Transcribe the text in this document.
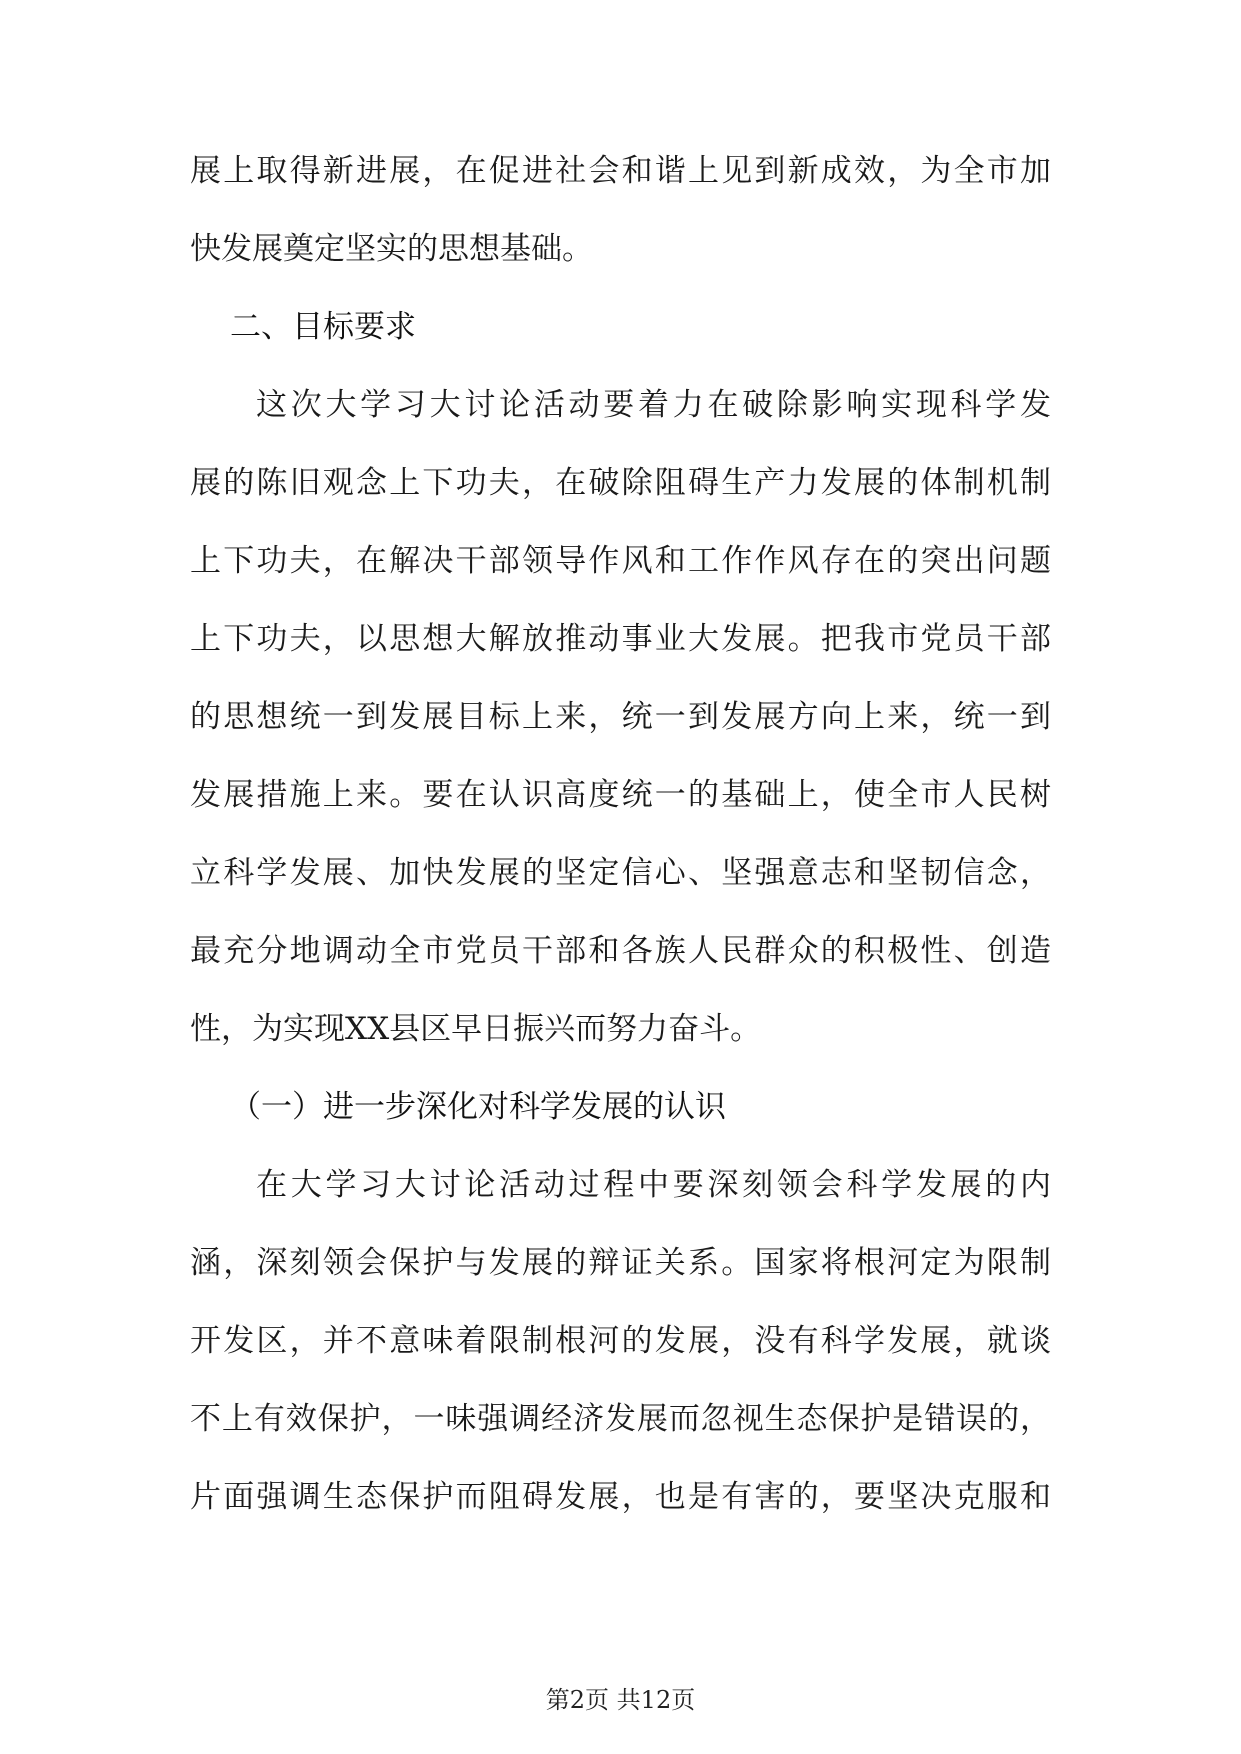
展上取得新进展，在促进社会和谐上见到新成效，为全市加
快发展奠定坚实的思想基础。
二、目标要求
这次大学习大讨论活动要着力在破除影响实现科学发
展的陈旧观念上下功夫，在破除阻碍生产力发展的体制机制
上下功夫，在解决干部领导作风和工作作风存在的突出问题
上下功夫，以思想大解放推动事业大发展。把我市党员干部
的思想统一到发展目标上来，统一到发展方向上来，统一到
发展措施上来。要在认识高度统一的基础上，使全市人民树
立科学发展、加快发展的坚定信心、坚强意志和坚韧信念，
最充分地调动全市党员干部和各族人民群众的积极性、创造
性，为实现XX县区早日振兴而努力奋斗。
（一）进一步深化对科学发展的认识
在大学习大讨论活动过程中要深刻领会科学发展的内
涵，深刻领会保护与发展的辩证关系。国家将根河定为限制
开发区，并不意味着限制根河的发展，没有科学发展，就谈
不上有效保护，一味强调经济发展而忽视生态保护是错误的，
片面强调生态保护而阻碍发展，也是有害的，要坚决克服和
第2页 共12页
